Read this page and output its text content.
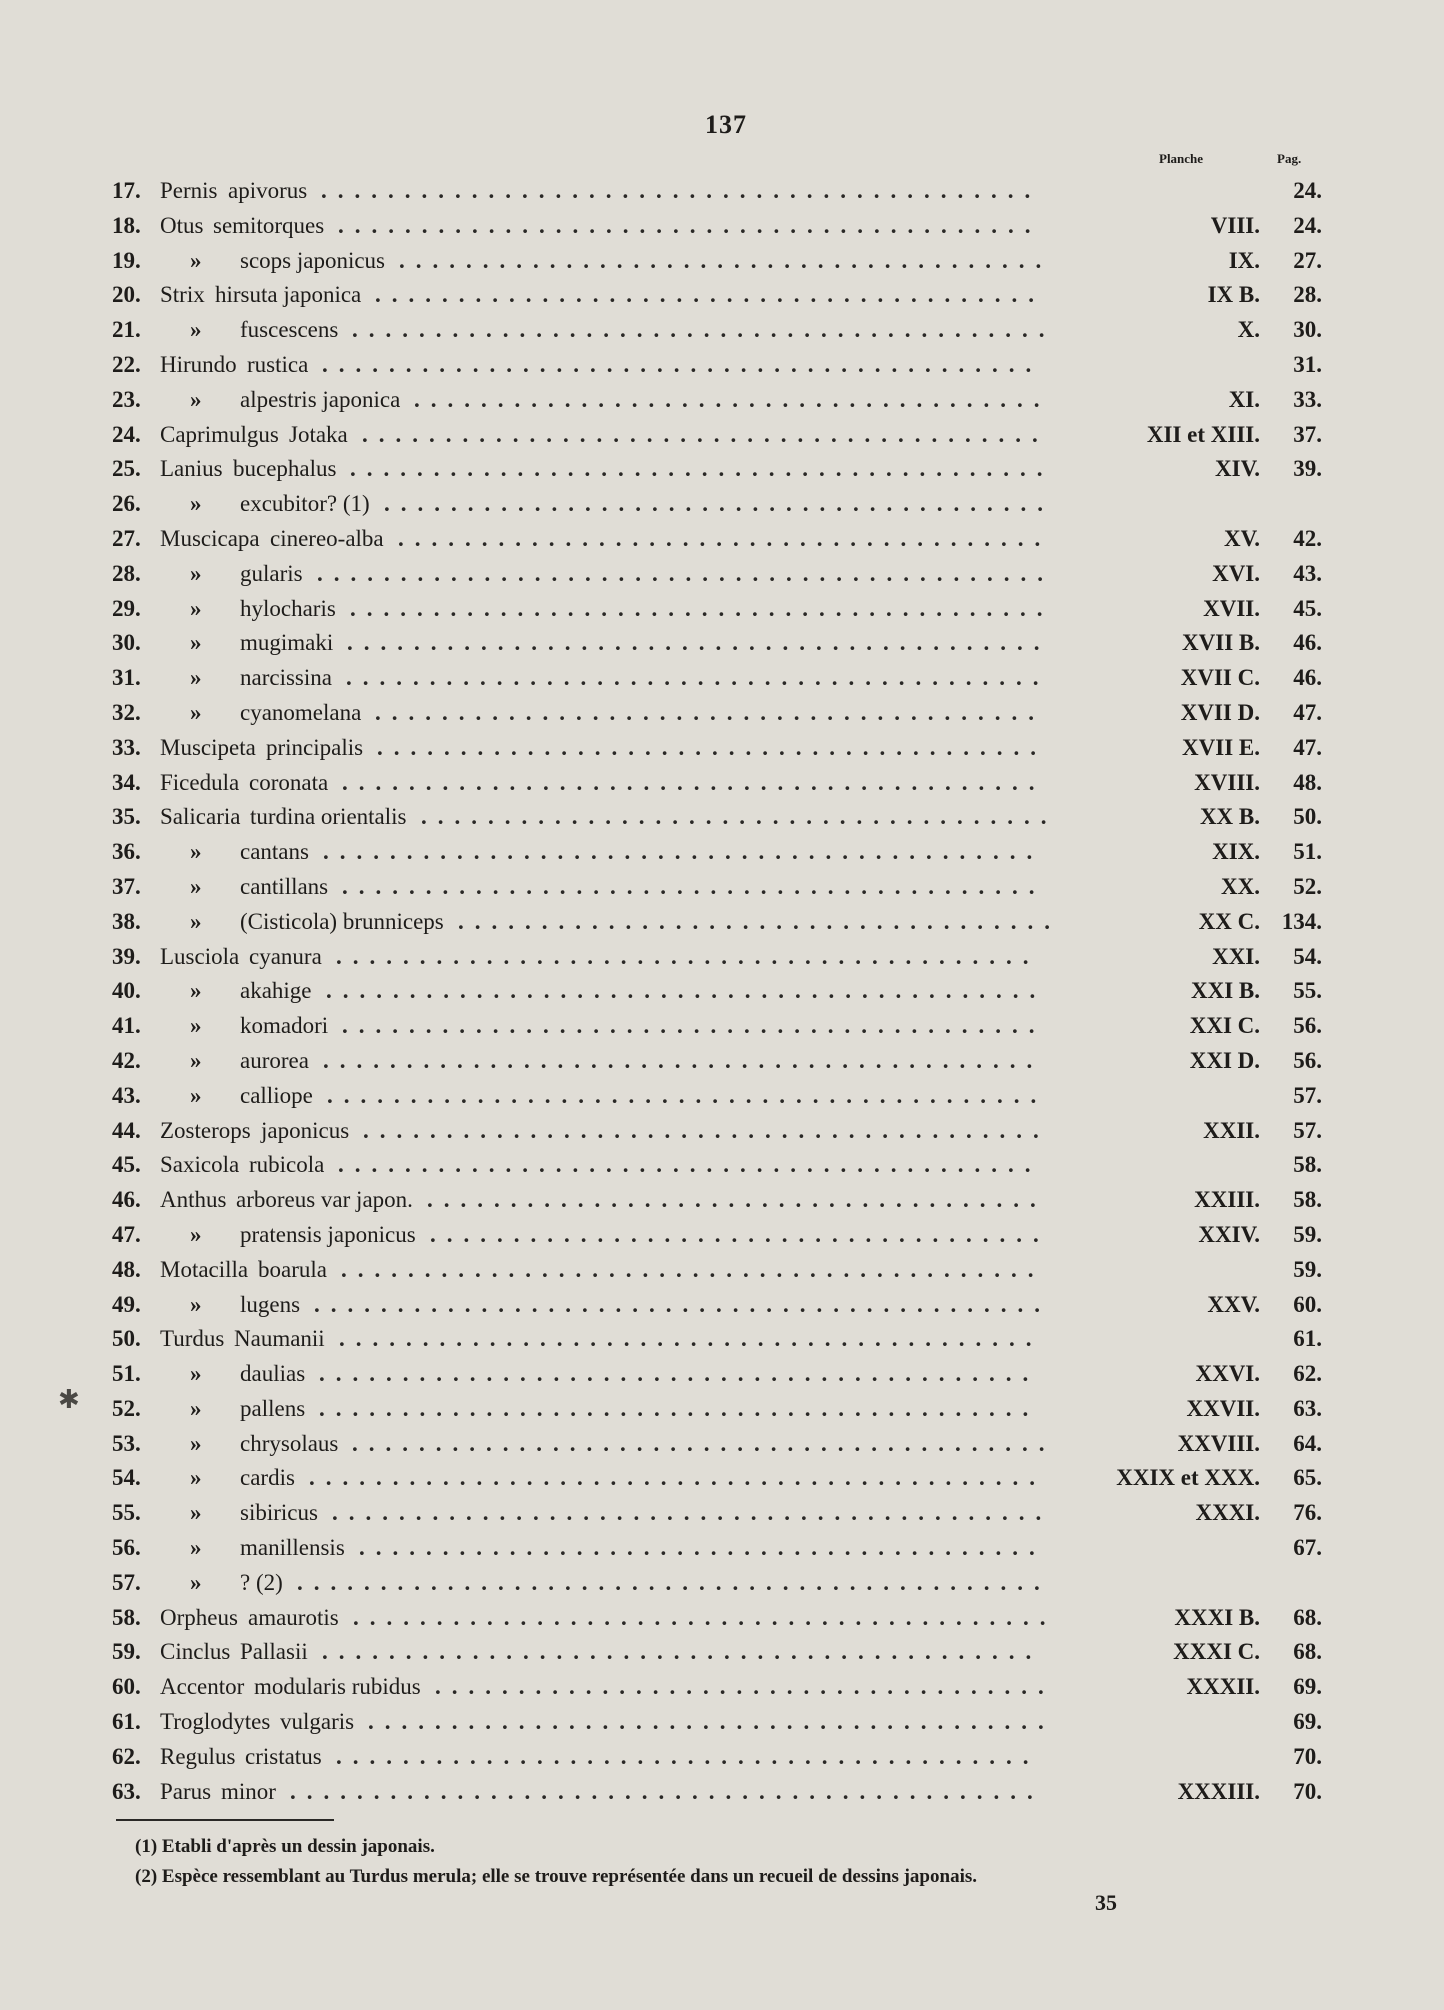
137
Planche	Pag.
17. Pernis apivorus ...........................................	24.
18. Otus semitorques ..........................................	VIII.	24.
19. » scops japonicus .......................................	IX.	27.
20. Strix hirsuta japonica ........................................	IX B.	28.
21. » fuscescens ..........................................	X.	30.
22. Hirundo rustica ...........................................	31.
23. » alpestris japonica ......................................	XI.	33.
24. Caprimulgus Jotaka .........................................	XII et XIII.	37.
25. Lanius bucephalus ..........................................	XIV.	39.
26. » excubitor? (1) ........................................
27. Muscicapa cinereo-alba .......................................	XV.	42.
28. » gularis ............................................	XVI.	43.
29. » hylocharis ..........................................	XVII.	45.
30. » mugimaki ..........................................	XVII B.	46.
31. » narcissina ..........................................	XVII C.	46.
32. » cyanomelana ........................................	XVII D.	47.
33. Muscipeta principalis ........................................	XVII E.	47.
34. Ficedula coronata ..........................................	XVIII.	48.
35. Salicaria turdina orientalis ......................................	XX B.	50.
36. » cantans ...........................................	XIX.	51.
37. » cantillans ..........................................	XX.	52.
38. » (Cisticola) brunniceps ....................................	XX C. 134.
39. Lusciola cyanura ..........................................	XXI.	54.
40. » akahige ...........................................	XXI B.	55.
41. » komadori ..........................................	XXI C.	56.
42. » aurorea ...........................................	XXI D.	56.
43. » calliope ...........................................	57.
44. Zosterops japonicus .........................................	XXII.	57.
45. Saxicola rubicola ..........................................	58.
46. Anthus arboreus var japon. .....................................	XXIII.	58.
47. » pratensis japonicus .....................................	XXIV.	59.
48. Motacilla boarula ..........................................	59.
49. » lugens ............................................	XXV.	60.
50. Turdus Naumanii ..........................................	61.
51. » daulias ...........................................	XXVI.	62.
52. » pallens ...........................................	XXVII.	63.
53. » chrysolaus ..........................................	XXVIII.	64.
54. » cardis ............................................	XXIX et XXX.	65.
55. » sibiricus ...........................................	XXXI.	76.
56. » manillensis .........................................	67.
57. » ? (2) .............................................
58. Orpheus amaurotis ..........................................	XXXI B.	68.
59. Cinclus Pallasii ...........................................	XXXI C.	68.
60. Accentor modularis rubidus .....................................	XXXII.	69.
61. Troglodytes vulgaris .........................................	69.
62. Regulus cristatus ..........................................	70.
63. Parus minor .............................................	XXXIII.	70.
✱
(1) Etabli d'après un dessin japonais.
(2) Espèce ressemblant au Turdus merula; elle se trouve représentée dans un recueil de dessins japonais.
35
